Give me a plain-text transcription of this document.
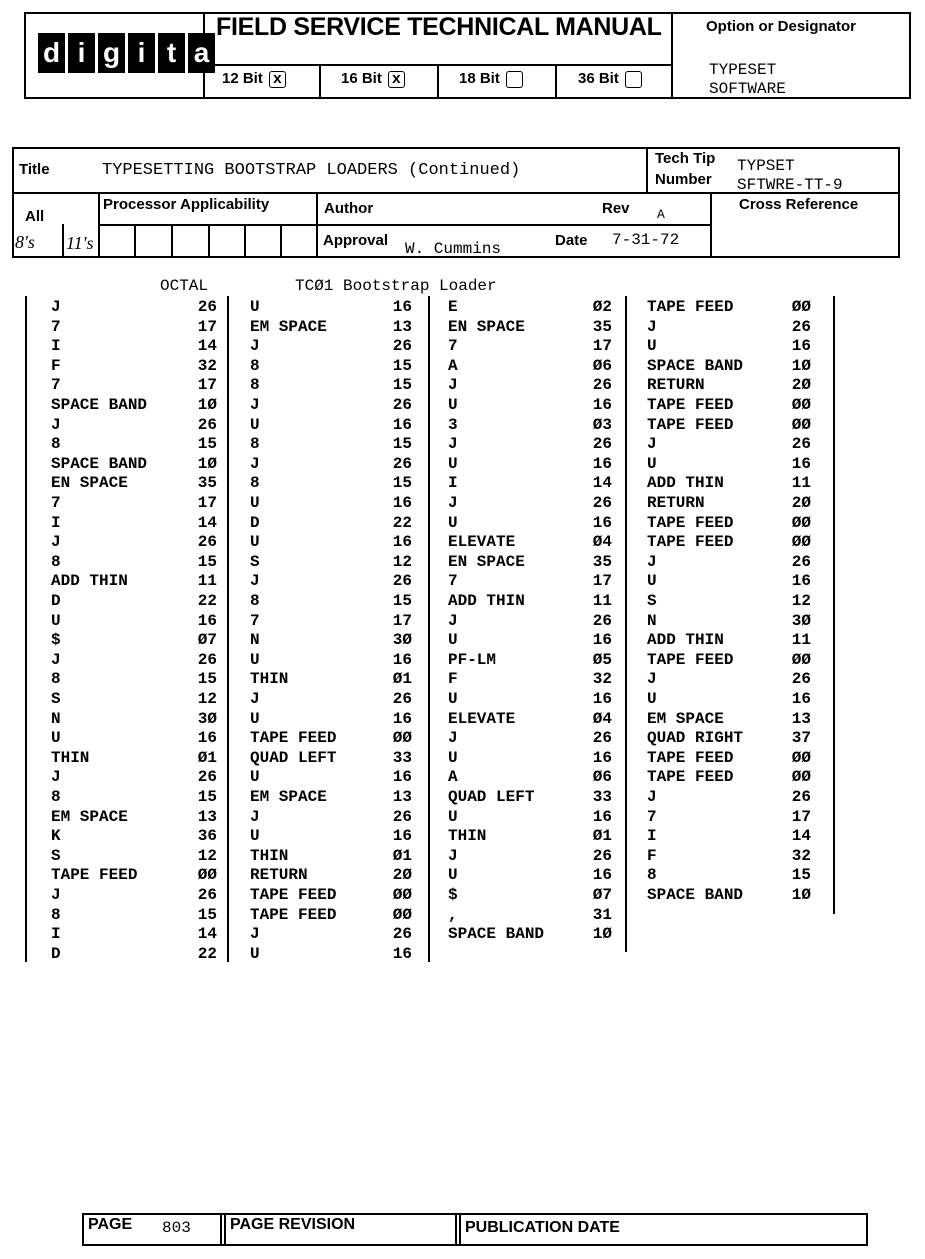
d i g i t a
FIELD SERVICE TECHNICAL MANUAL
12 Bit x	16 Bit x	18 Bit	36 Bit
Option or Designator
TYPESET
SOFTWARE
Title	TYPESETTING BOOTSTRAP LOADERS (Continued)
Tech Tip
Number
TYPSET
SFTWRE-TT-9
All
Processor Applicability
8's 11's
Author	Rev A
Approval W. Cummins	Date 7-31-72
Cross Reference
OCTAL	TCØ1 Bootstrap Loader
J	26
7	17
I	14
F	32
7	17
SPACE BAND	1Ø
J	26
8	15
SPACE BAND	1Ø
EN SPACE	35
7	17
I	14
J	26
8	15
ADD THIN	11
D	22
U	16
$	Ø7
J	26
8	15
S	12
N	3Ø
U	16
THIN	Ø1
J	26
8	15
EM SPACE	13
K	36
S	12
TAPE FEED	ØØ
J	26
8	15
I	14
D	22
U	16
EM SPACE	13
J	26
8	15
8	15
J	26
U	16
8	15
J	26
8	15
U	16
D	22
U	16
S	12
J	26
8	15
7	17
N	3Ø
U	16
THIN	Ø1
J	26
U	16
TAPE FEED	ØØ
QUAD LEFT	33
U	16
EM SPACE	13
J	26
U	16
THIN	Ø1
RETURN	2Ø
TAPE FEED	ØØ
TAPE FEED	ØØ
J	26
U	16
E	Ø2
EN SPACE	35
7	17
A	Ø6
J	26
U	16
3	Ø3
J	26
U	16
I	14
J	26
U	16
ELEVATE	Ø4
EN SPACE	35
7	17
ADD THIN	11
J	26
U	16
PF-LM	Ø5
F	32
U	16
ELEVATE	Ø4
J	26
U	16
A	Ø6
QUAD LEFT	33
U	16
THIN	Ø1
J	26
U	16
$	Ø7
,	31
SPACE BAND	1Ø
TAPE FEED	ØØ
J	26
U	16
SPACE BAND	1Ø
RETURN	2Ø
TAPE FEED	ØØ
TAPE FEED	ØØ
J	26
U	16
ADD THIN	11
RETURN	2Ø
TAPE FEED	ØØ
TAPE FEED	ØØ
J	26
U	16
S	12
N	3Ø
ADD THIN	11
TAPE FEED	ØØ
J	26
U	16
EM SPACE	13
QUAD RIGHT	37
TAPE FEED	ØØ
TAPE FEED	ØØ
J	26
7	17
I	14
F	32
8	15
SPACE BAND	1Ø
PAGE 803 PAGE REVISION	PUBLICATION DATE
